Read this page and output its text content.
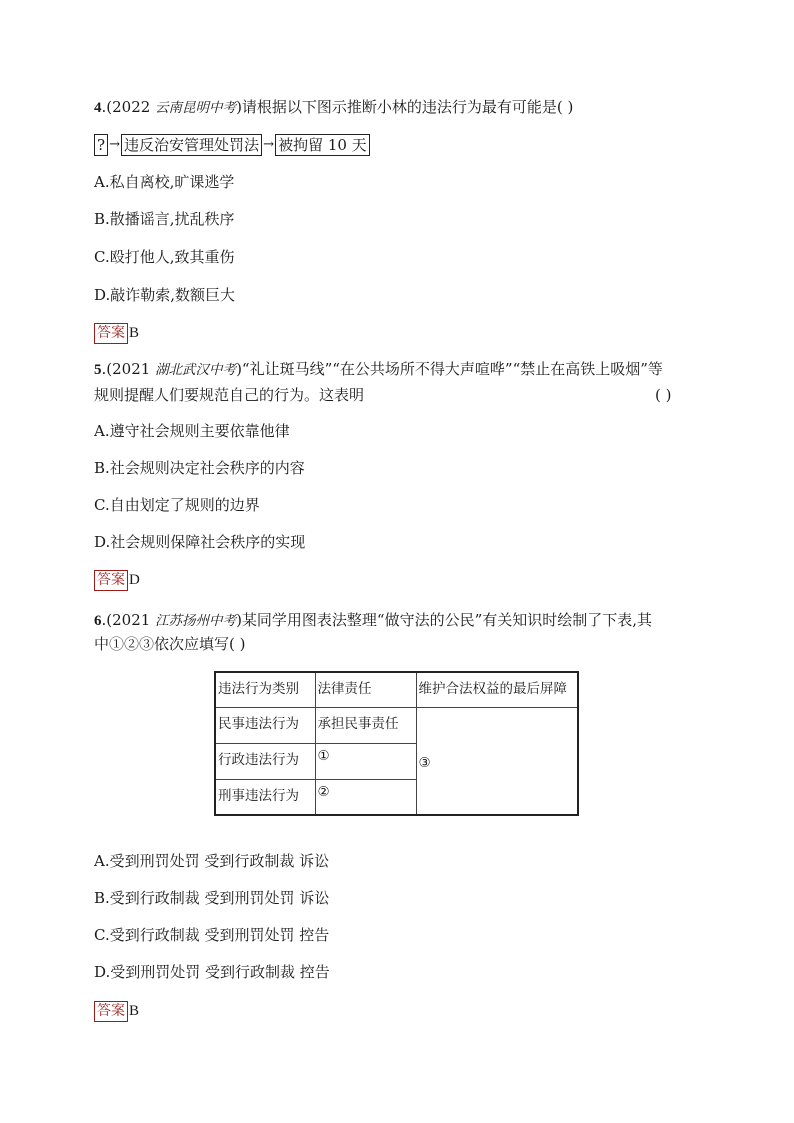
4.(2022 云南昆明中考)请根据以下图示推断小林的违法行为最有可能是( )
? → 违反治安管理处罚法 → 被拘留 10 天
A.私自离校,旷课逃学
B.散播谣言,扰乱秩序
C.殴打他人,致其重伤
D.敲诈勒索,数额巨大
答案 B
5.(2021 湖北武汉中考)“礼让斑马线”“在公共场所不得大声喧哗”“禁止在高铁上吸烟”等
规则提醒人们要规范自己的行为。这表明	( )
A.遵守社会规则主要依靠他律
B.社会规则决定社会秩序的内容
C.自由划定了规则的边界
D.社会规则保障社会秩序的实现
答案 D
6.(2021 江苏扬州中考)某同学用图表法整理“做守法的公民”有关知识时绘制了下表,其
中①②③依次应填写( )
违法行为类别	法律责任	维护合法权益的最后屏障
民事违法行为	承担民事责任	③
行政违法行为	①	
刑事违法行为	②	
A.受到刑罚处罚 受到行政制裁 诉讼
B.受到行政制裁 受到刑罚处罚 诉讼
C.受到行政制裁 受到刑罚处罚 控告
D.受到刑罚处罚 受到行政制裁 控告
答案 B
